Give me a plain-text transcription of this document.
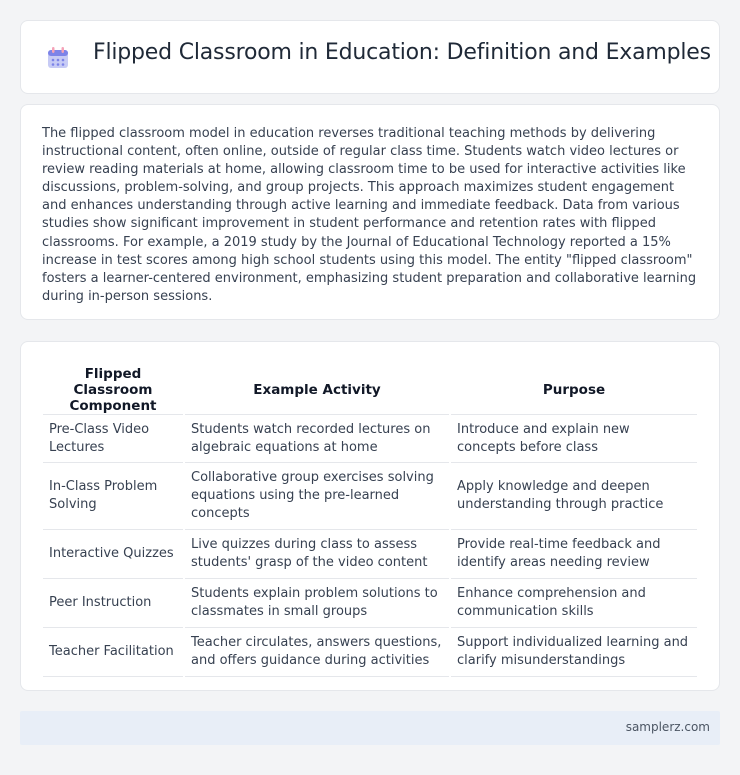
Flipped Classroom in Education: Definition and Examples

The flipped classroom model in education reverses traditional teaching methods by delivering instructional content, often online, outside of regular class time. Students watch video lectures or review reading materials at home, allowing classroom time to be used for interactive activities like discussions, problem-solving, and group projects. This approach maximizes student engagement and enhances understanding through active learning and immediate feedback. Data from various studies show significant improvement in student performance and retention rates with flipped classrooms. For example, a 2019 study by the Journal of Educational Technology reported a 15% increase in test scores among high school students using this model. The entity "flipped classroom" fosters a learner-centered environment, emphasizing student preparation and collaborative learning during in-person sessions.

Flipped Classroom Component	Example Activity	Purpose
Pre-Class Video Lectures	Students watch recorded lectures on algebraic equations at home	Introduce and explain new concepts before class
In-Class Problem Solving	Collaborative group exercises solving equations using the pre-learned concepts	Apply knowledge and deepen understanding through practice
Interactive Quizzes	Live quizzes during class to assess students' grasp of the video content	Provide real-time feedback and identify areas needing review
Peer Instruction	Students explain problem solutions to classmates in small groups	Enhance comprehension and communication skills
Teacher Facilitation	Teacher circulates, answers questions, and offers guidance during activities	Support individualized learning and clarify misunderstandings
samplerz.com
